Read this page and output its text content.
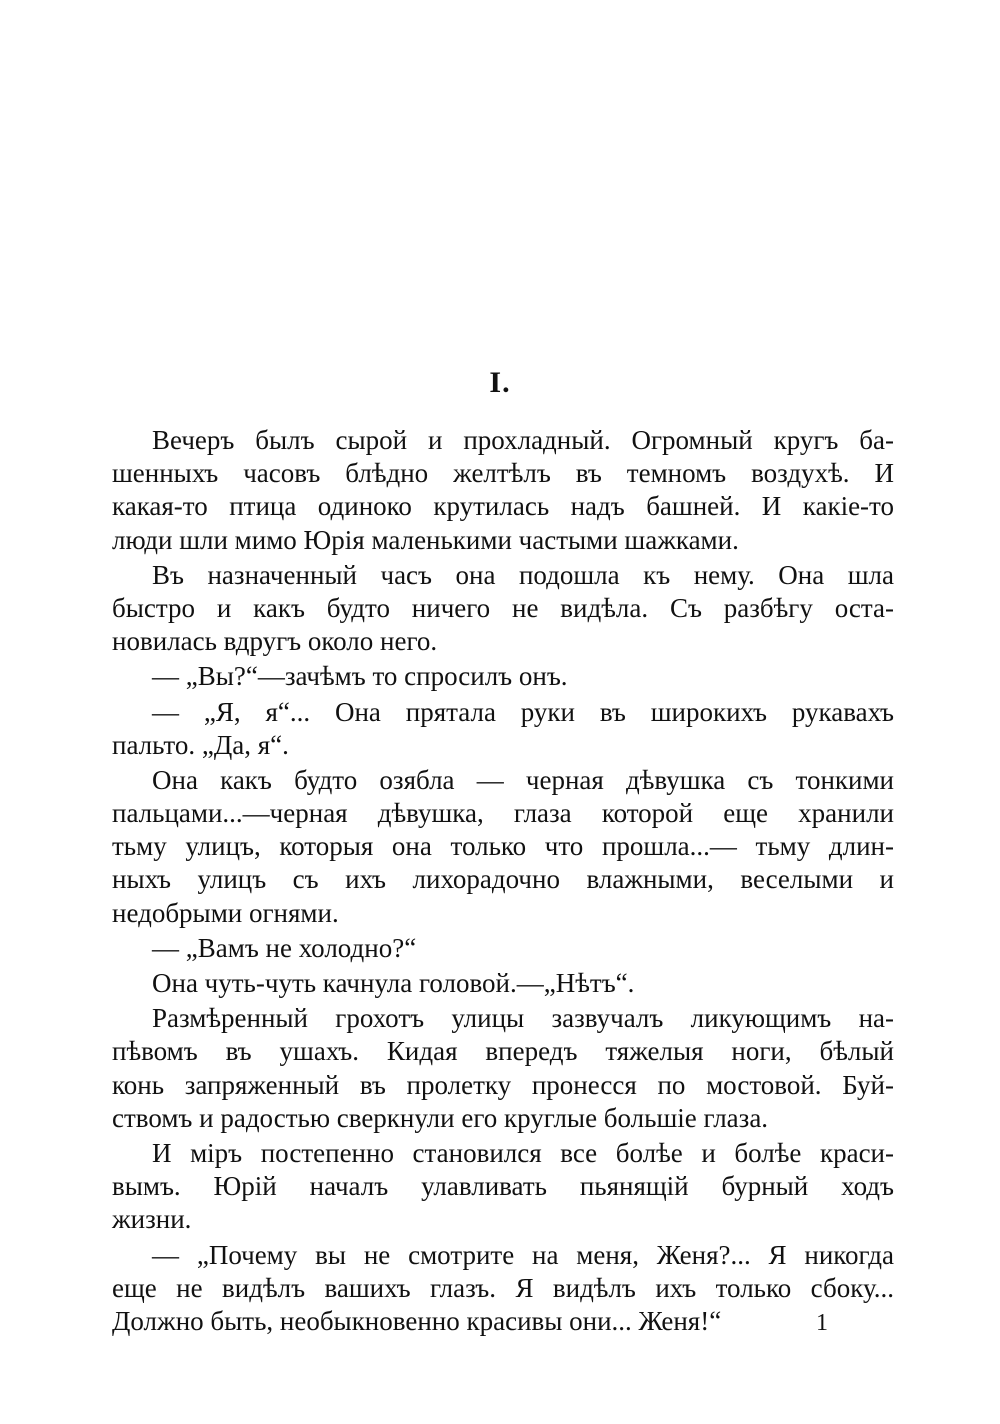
I.
Вечеръ былъ сырой и прохладный. Огромный кругъ ба-
шенныхъ часовъ блѣдно желтѣлъ въ темномъ воздухѣ. И
какая-то птица одиноко крутилась надъ башней. И какіе-то
люди шли мимо Юрія маленькими частыми шажками.
Въ назначенный часъ она подошла къ нему. Она шла
быстро и какъ будто ничего не видѣла. Съ разбѣгу оста-
новилась вдругъ около него.
— „Вы?“—зачѣмъ то спросилъ онъ.
— „Я, я“... Она прятала руки въ широкихъ рукавахъ
пальто. „Да, я“.
Она какъ будто озябла — черная дѣвушка съ тонкими
пальцами...—черная дѣвушка, глаза которой еще хранили
тьму улицъ, которыя она только что прошла...— тьму длин-
ныхъ улицъ съ ихъ лихорадочно влажными, веселыми и
недобрыми огнями.
— „Вамъ не холодно?“
Она чуть-чуть качнула головой.—„Нѣтъ“.
Размѣренный грохотъ улицы зазвучалъ ликующимъ на-
пѣвомъ въ ушахъ. Кидая впередъ тяжелыя ноги, бѣлый
конь запряженный въ пролетку пронесся по мостовой. Буй-
ствомъ и радостью сверкнули его круглые большіе глаза.
И міръ постепенно становился все болѣе и болѣе краси-
вымъ. Юрій началъ улавливать пьянящій бурный ходъ
жизни.
— „Почему вы не смотрите на меня, Женя?... Я никогда
еще не видѣлъ вашихъ глазъ. Я видѣлъ ихъ только сбоку...
Должно быть, необыкновенно красивы они... Женя!“	1
